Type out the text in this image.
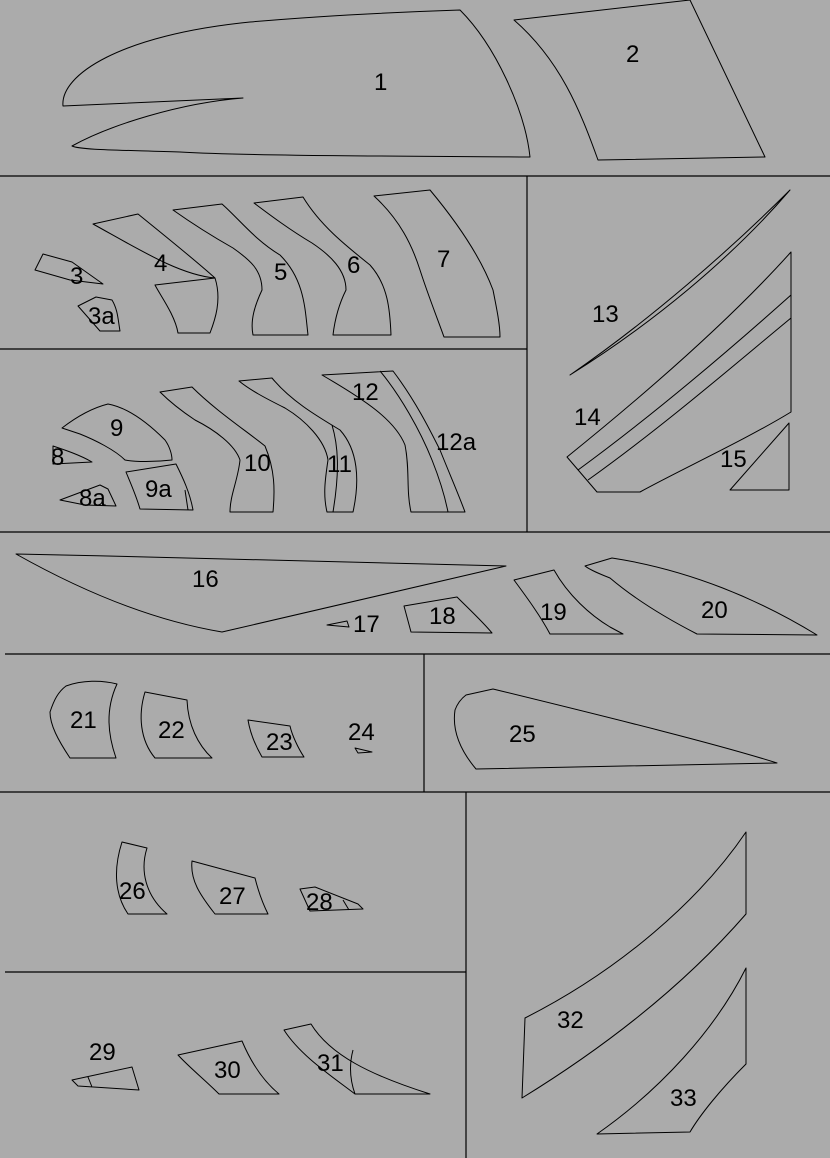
1
2
3
3a
4	5 6	7
8
8a
9
9a
10 11
12
12a
13
14
15
16
17 18	19	20
21	22	23 24	25
26	27	28
29
30	31
32
33
